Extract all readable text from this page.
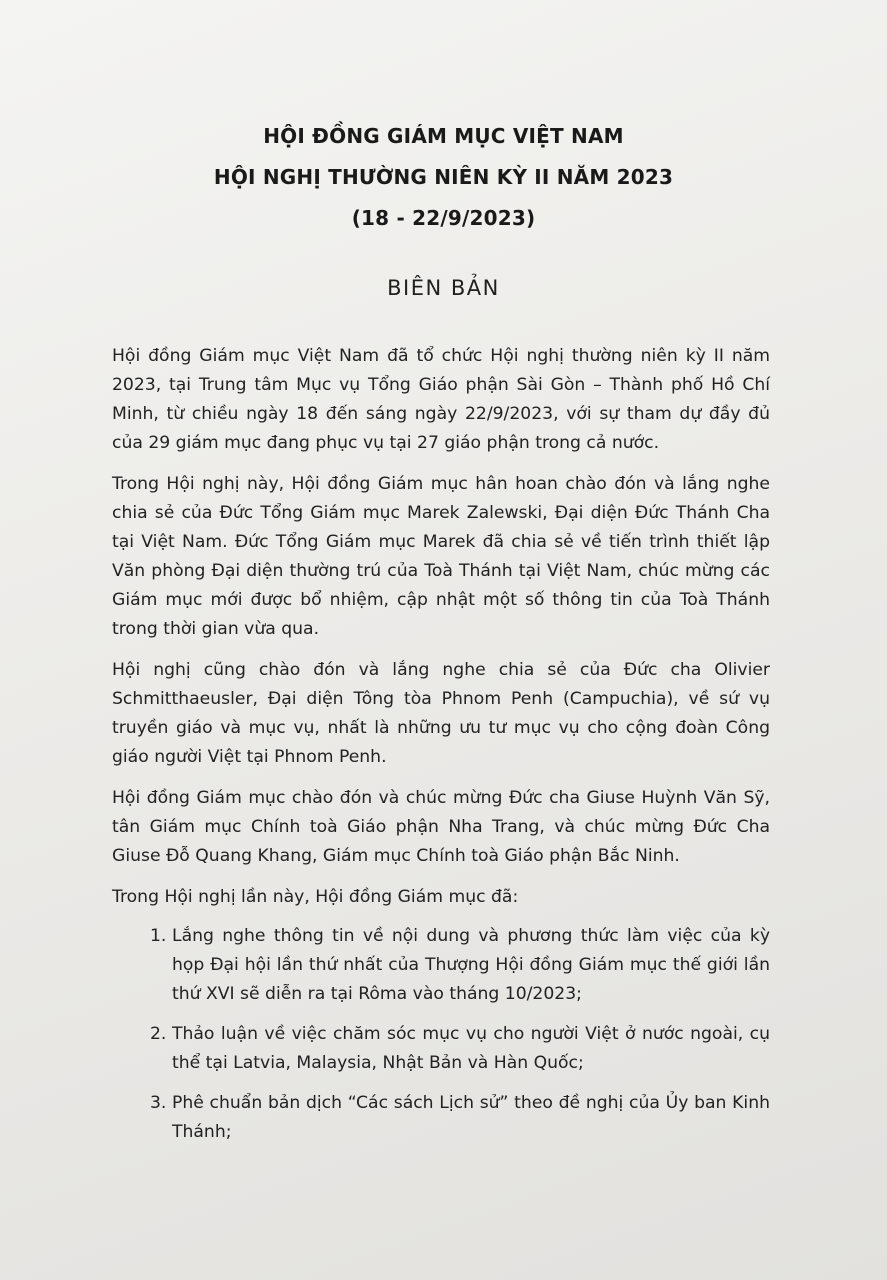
HỘI ĐỒNG GIÁM MỤC VIỆT NAM
HỘI NGHỊ THƯỜNG NIÊN KỲ II NĂM 2023
(18 - 22/9/2023)
BIÊN BẢN

Hội đồng Giám mục Việt Nam đã tổ chức Hội nghị thường niên kỳ II năm 2023, tại Trung tâm Mục vụ Tổng Giáo phận Sài Gòn – Thành phố Hồ Chí Minh, từ chiều ngày 18 đến sáng ngày 22/9/2023, với sự tham dự đầy đủ của 29 giám mục đang phục vụ tại 27 giáo phận trong cả nước.

Trong Hội nghị này, Hội đồng Giám mục hân hoan chào đón và lắng nghe chia sẻ của Đức Tổng Giám mục Marek Zalewski, Đại diện Đức Thánh Cha tại Việt Nam. Đức Tổng Giám mục Marek đã chia sẻ về tiến trình thiết lập Văn phòng Đại diện thường trú của Toà Thánh tại Việt Nam, chúc mừng các Giám mục mới được bổ nhiệm, cập nhật một số thông tin của Toà Thánh trong thời gian vừa qua.

Hội nghị cũng chào đón và lắng nghe chia sẻ của Đức cha Olivier Schmitthaeusler, Đại diện Tông tòa Phnom Penh (Campuchia), về sứ vụ truyền giáo và mục vụ, nhất là những ưu tư mục vụ cho cộng đoàn Công giáo người Việt tại Phnom Penh.

Hội đồng Giám mục chào đón và chúc mừng Đức cha Giuse Huỳnh Văn Sỹ, tân Giám mục Chính toà Giáo phận Nha Trang, và chúc mừng Đức Cha Giuse Đỗ Quang Khang, Giám mục Chính toà Giáo phận Bắc Ninh.

Trong Hội nghị lần này, Hội đồng Giám mục đã:

1. Lắng nghe thông tin về nội dung và phương thức làm việc của kỳ họp Đại hội lần thứ nhất của Thượng Hội đồng Giám mục thế giới lần thứ XVI sẽ diễn ra tại Rôma vào tháng 10/2023;
2. Thảo luận về việc chăm sóc mục vụ cho người Việt ở nước ngoài, cụ thể tại Latvia, Malaysia, Nhật Bản và Hàn Quốc;
3. Phê chuẩn bản dịch “Các sách Lịch sử” theo đề nghị của Ủy ban Kinh Thánh;
